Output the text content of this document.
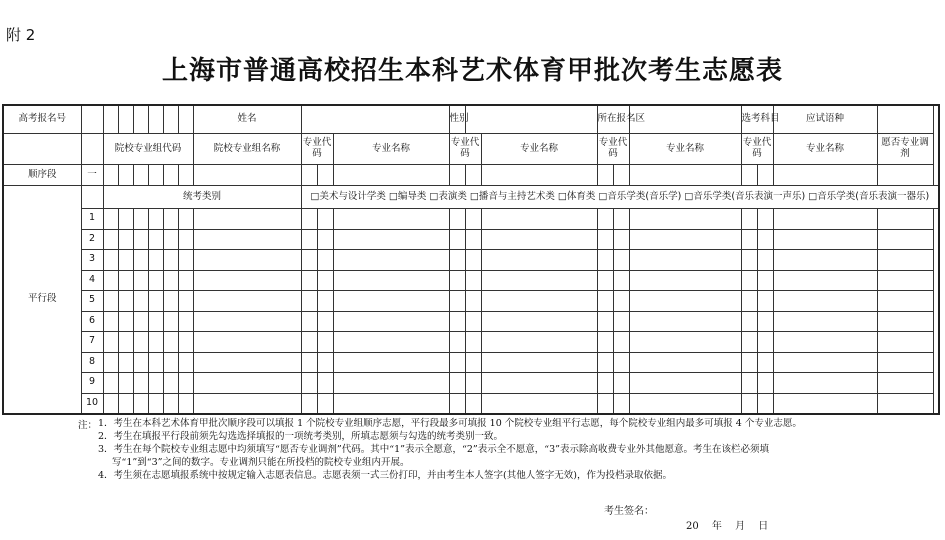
附 2
上海市普通高校招生本科艺术体育甲批次考生志愿表
高考报名号								姓名				性别			所在报名区			选考科目		应试语种	
		院校专业组代码						院校专业组名称	专业代码		专业名称	专业代码		专业名称	专业代码		专业名称	专业代码		专业名称	愿否专业调剂
顺序段	一																				
平行段		统考类别							□美术与设计学类 □编导类 □表演类 □播音与主持艺术类 □体育类 □音乐学类(音乐学) □音乐学类(音乐表演一声乐) □音乐学类(音乐表演一器乐)												
	1																				
	2																				
	3																				
	4																				
	5																				
	6																				
	7																				
	8																				
	9																				
	10																				
注： 1．考生在本科艺术体育甲批次顺序段可以填报 1 个院校专业组顺序志愿，平行段最多可填报 10 个院校专业组平行志愿，每个院校专业组内最多可填报 4 个专业志愿。
2．考生在填报平行段前须先勾选选择填报的一项统考类别，所填志愿须与勾选的统考类别一致。
3．考生在每个院校专业组志愿中均须填写“愿否专业调剂”代码。其中“1”表示全愿意，“2”表示全不愿意，“3”表示除高收费专业外其他愿意。考生在该栏必须填
写“1”到“3”之间的数字。专业调剂只能在所投档的院校专业组内开展。
4．考生须在志愿填报系统中按规定输入志愿表信息。志愿表须一式三份打印，并由考生本人签字(其他人签字无效)，作为投档录取依据。
考生签名：
20 年 月 日
